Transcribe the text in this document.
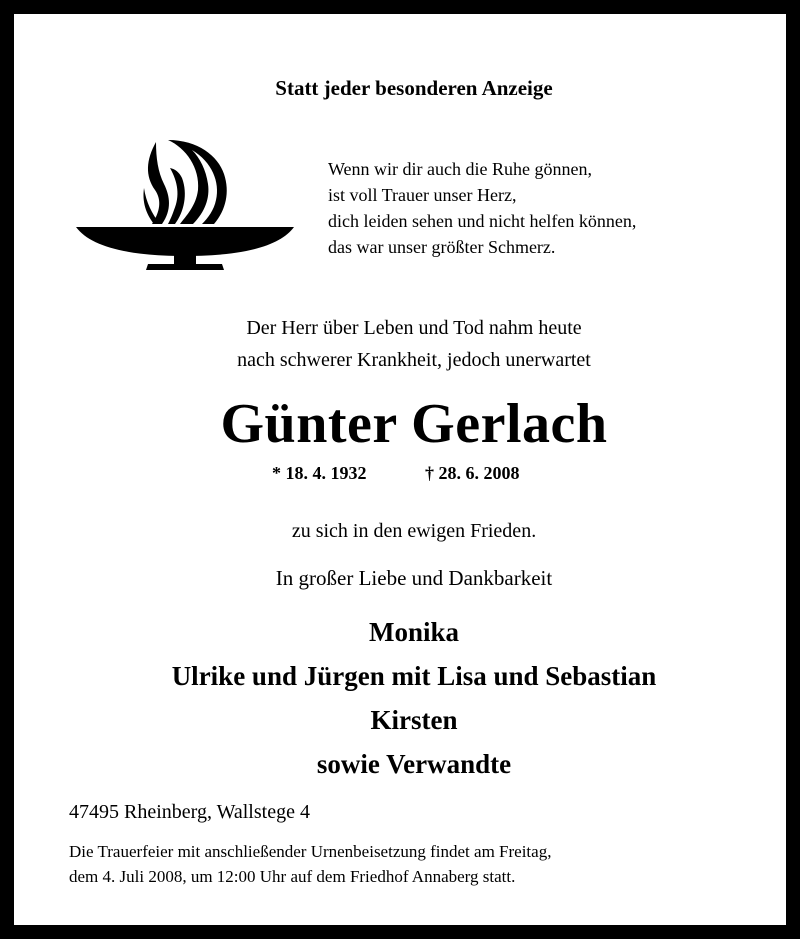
Statt jeder besonderen Anzeige
Wenn wir dir auch die Ruhe gönnen,
ist voll Trauer unser Herz,
dich leiden sehen und nicht helfen können,
das war unser größter Schmerz.
Der Herr über Leben und Tod nahm heute
nach schwerer Krankheit, jedoch unerwartet
Günter Gerlach
* 18. 4. 1932	† 28. 6. 2008
zu sich in den ewigen Frieden.
In großer Liebe und Dankbarkeit
Monika
Ulrike und Jürgen mit Lisa und Sebastian
Kirsten
sowie Verwandte
47495 Rheinberg, Wallstege 4
Die Trauerfeier mit anschließender Urnenbeisetzung findet am Freitag,
dem 4. Juli 2008, um 12:00 Uhr auf dem Friedhof Annaberg statt.
